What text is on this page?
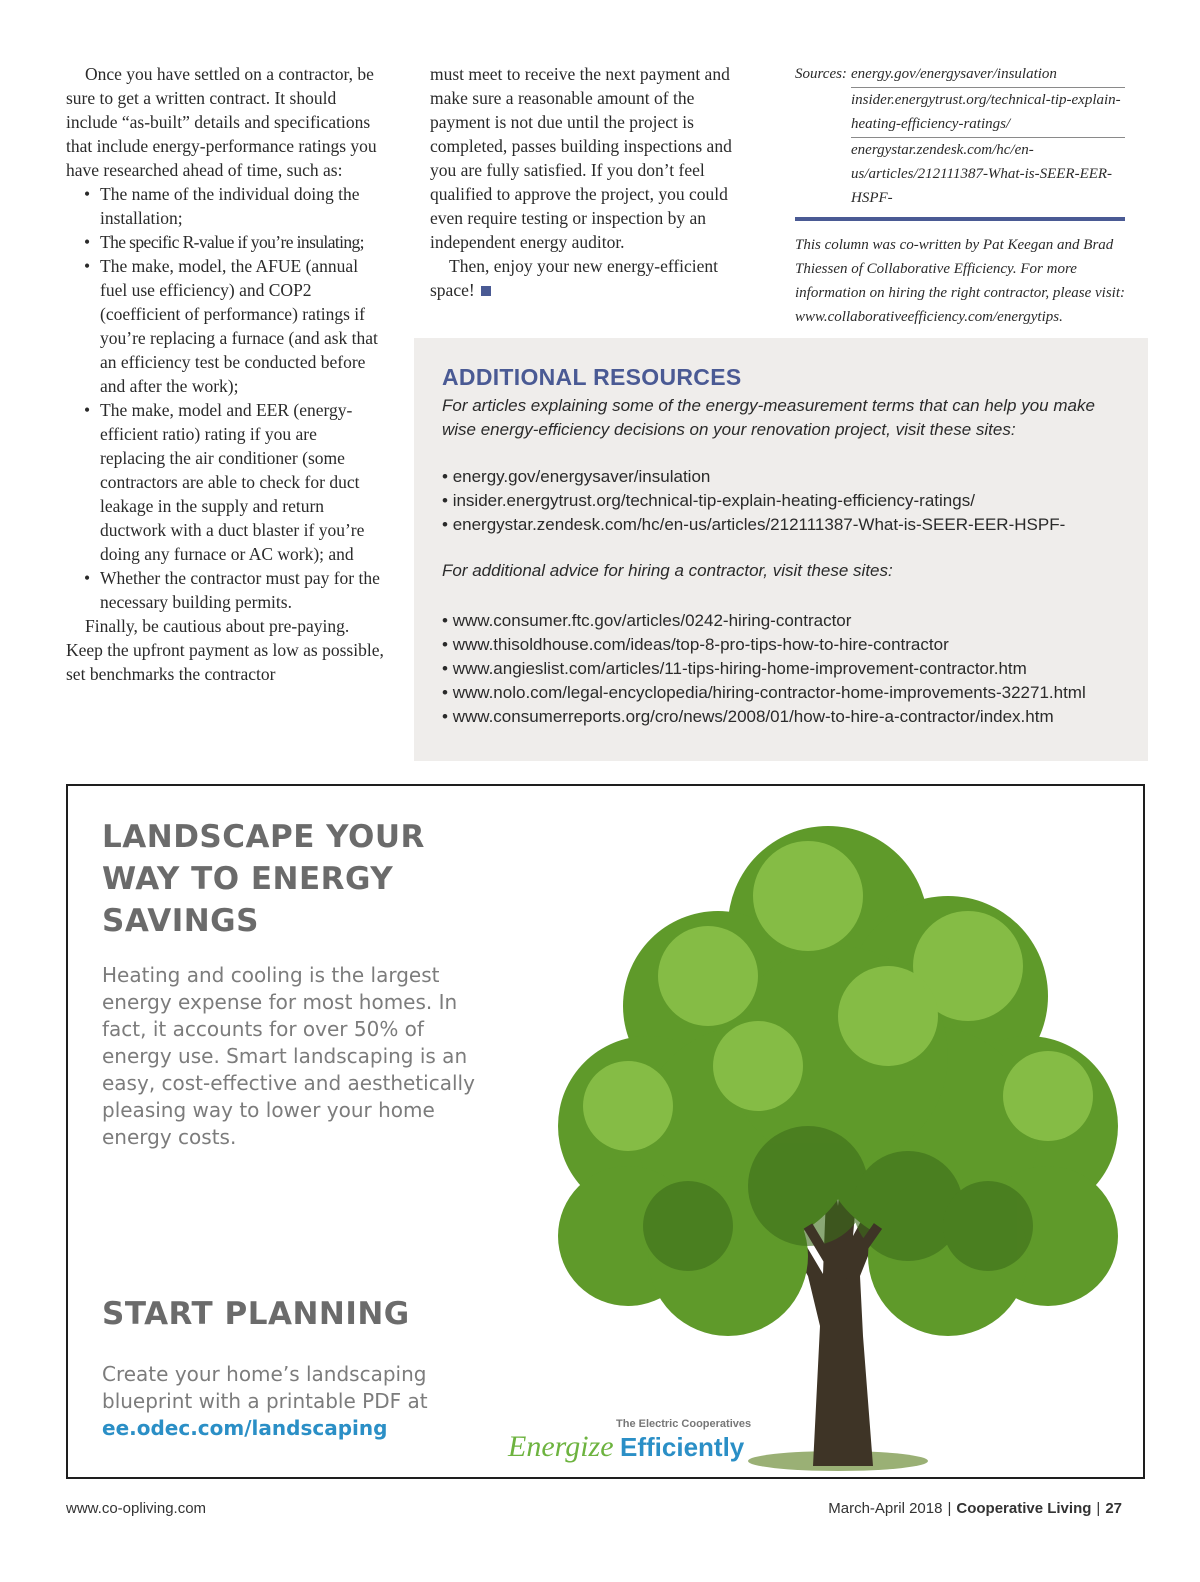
Once you have settled on a contractor, be sure to get a written contract. It should include “as-built” details and specifications that include energy-performance ratings you have researched ahead of time, such as:

• The name of the individual doing the installation;
• The specific R-value if you’re insulating;
• The make, model, the AFUE (annual fuel use efficiency) and COP2 (coefficient of performance) ratings if you’re replacing a furnace (and ask that an efficiency test be conducted before and after the work);
• The make, model and EER (energy-efficient ratio) rating if you are replacing the air conditioner (some contractors are able to check for duct leakage in the supply and return ductwork with a duct blaster if you’re doing any furnace or AC work); and
• Whether the contractor must pay for the necessary building permits.

Finally, be cautious about pre-paying. Keep the upfront payment as low as possible, set benchmarks the contractor

must meet to receive the next payment and make sure a reasonable amount of the payment is not due until the project is completed, passes building inspections and you are fully satisfied. If you don’t feel qualified to approve the project, you could even require testing or inspection by an independent energy auditor.

Then, enjoy your new energy-efficient space!

Sources: energy.gov/energysaver/insulation
insider.energytrust.org/technical-tip-explain-heating-efficiency-ratings/
energystar.zendesk.com/hc/en-us/articles/212111387-What-is-SEER-EER-HSPF-
This column was co-written by Pat Keegan and Brad Thiessen of Collaborative Efficiency. For more information on hiring the right contractor, please visit: www.collaborativeefficiency.com/energytips.
ADDITIONAL RESOURCES
For articles explaining some of the energy-measurement terms that can help you make wise energy-efficiency decisions on your renovation project, visit these sites:
• energy.gov/energysaver/insulation
• insider.energytrust.org/technical-tip-explain-heating-efficiency-ratings/
• energystar.zendesk.com/hc/en-us/articles/212111387-What-is-SEER-EER-HSPF-
For additional advice for hiring a contractor, visit these sites:
• www.consumer.ftc.gov/articles/0242-hiring-contractor
• www.thisoldhouse.com/ideas/top-8-pro-tips-how-to-hire-contractor
• www.angieslist.com/articles/11-tips-hiring-home-improvement-contractor.htm
• www.nolo.com/legal-encyclopedia/hiring-contractor-home-improvements-32271.html
• www.consumerreports.org/cro/news/2008/01/how-to-hire-a-contractor/index.htm
LANDSCAPE YOUR WAY TO ENERGY SAVINGS
Heating and cooling is the largest energy expense for most homes. In fact, it accounts for over 50% of energy use. Smart landscaping is an easy, cost-effective and aesthetically pleasing way to lower your home energy costs.
START PLANNING
Create your home’s landscaping blueprint with a printable PDF at
ee.odec.com/landscaping	The Electric Cooperatives
Energize Efficiently
www.co-opliving.com	March-April 2018 | Cooperative Living | 27
